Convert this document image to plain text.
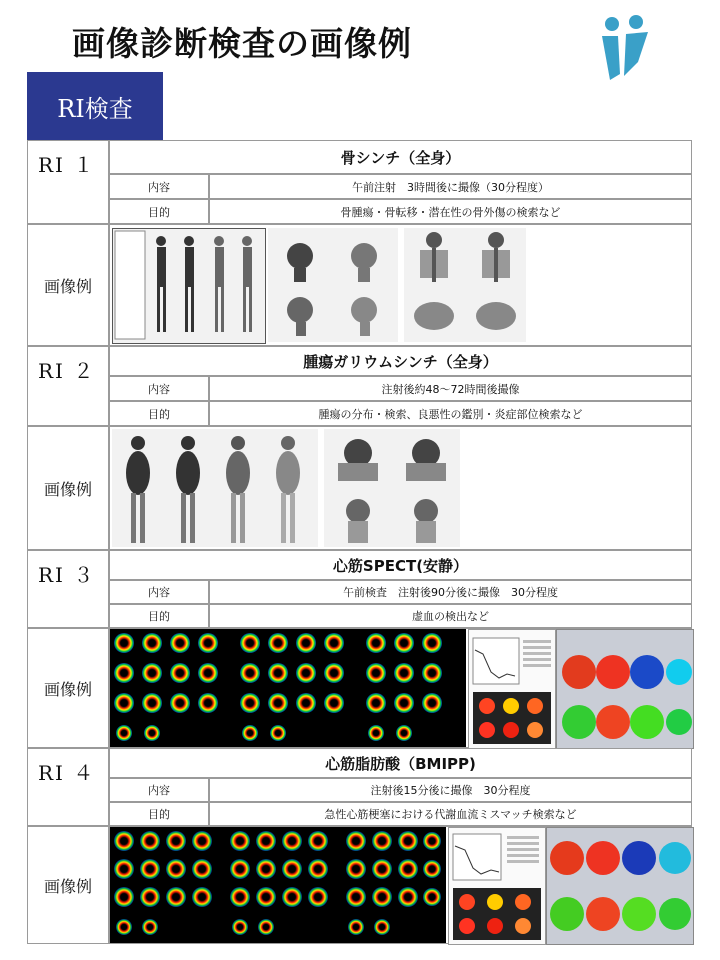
画像診断検査の画像例
RI検査
RI １	骨シンチ（全身）
内容	午前注射　3時間後に撮像（30分程度）
目的	骨腫瘍・骨転移・潜在性の骨外傷の検索など
画像例
RI ２	腫瘍ガリウムシンチ（全身）
内容	注射後約48～72時間後撮像
目的	腫瘍の分布・検索、良悪性の鑑別・炎症部位検索など
画像例
RI ３	心筋SPECT(安静）
内容	午前検査　注射後90分後に撮像　30分程度
目的	虚血の検出など
画像例
RI ４	心筋脂肪酸（BMIPP)
内容	注射後15分後に撮像　30分程度
目的	急性心筋梗塞における代謝血流ミスマッチ検索など
画像例
